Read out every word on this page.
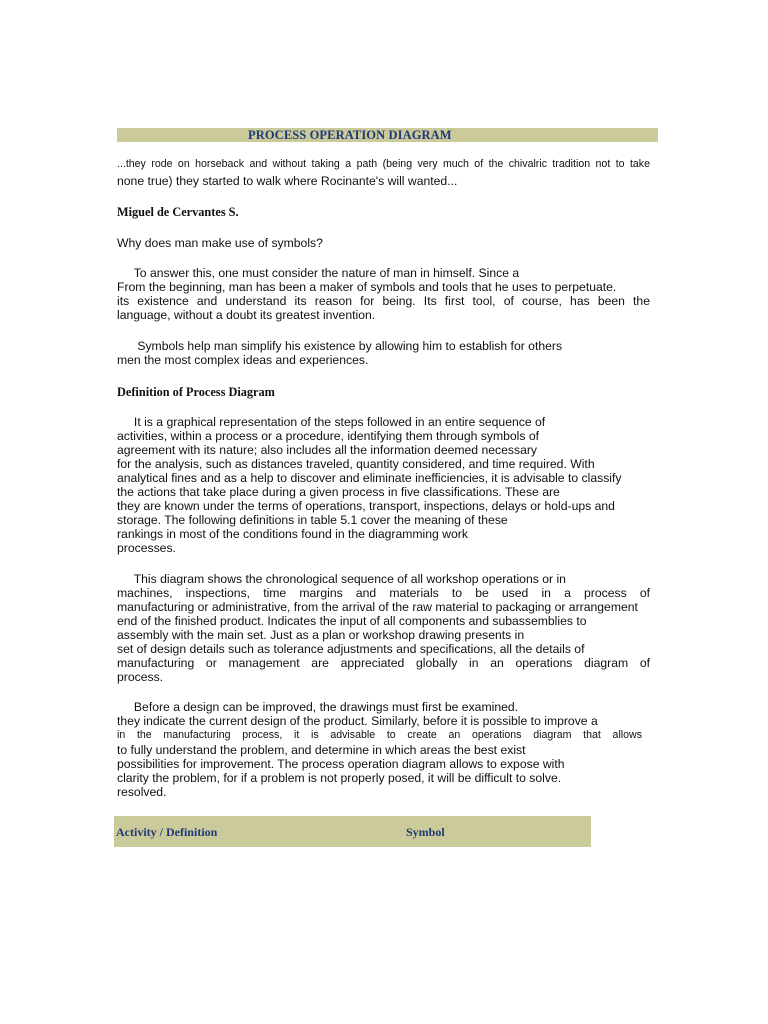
PROCESS OPERATION DIAGRAM
...they rode on horseback and without taking a path (being very much of the chivalric tradition not to take
none true) they started to walk where Rocinante's will wanted...
Miguel de Cervantes S.
Why does man make use of symbols?
To answer this, one must consider the nature of man in himself. Since a
From the beginning, man has been a maker of symbols and tools that he uses to perpetuate.
its existence and understand its reason for being. Its first tool, of course, has been the
language, without a doubt its greatest invention.
Symbols help man simplify his existence by allowing him to establish for others
men the most complex ideas and experiences.
Definition of Process Diagram
It is a graphical representation of the steps followed in an entire sequence of
activities, within a process or a procedure, identifying them through symbols of
agreement with its nature; also includes all the information deemed necessary
for the analysis, such as distances traveled, quantity considered, and time required. With
analytical fines and as a help to discover and eliminate inefficiencies, it is advisable to classify
the actions that take place during a given process in five classifications. These are
they are known under the terms of operations, transport, inspections, delays or hold-ups and
storage. The following definitions in table 5.1 cover the meaning of these
rankings in most of the conditions found in the diagramming work
processes.
This diagram shows the chronological sequence of all workshop operations or in
machines, inspections, time margins and materials to be used in a process of
manufacturing or administrative, from the arrival of the raw material to packaging or arrangement
end of the finished product. Indicates the input of all components and subassemblies to
assembly with the main set. Just as a plan or workshop drawing presents in
set of design details such as tolerance adjustments and specifications, all the details of
manufacturing or management are appreciated globally in an operations diagram of
process.
Before a design can be improved, the drawings must first be examined.
they indicate the current design of the product. Similarly, before it is possible to improve a
in the manufacturing process, it is advisable to create an operations diagram that allows
to fully understand the problem, and determine in which areas the best exist
possibilities for improvement. The process operation diagram allows to expose with
clarity the problem, for if a problem is not properly posed, it will be difficult to solve.
resolved.
Activity / Definition	Symbol
